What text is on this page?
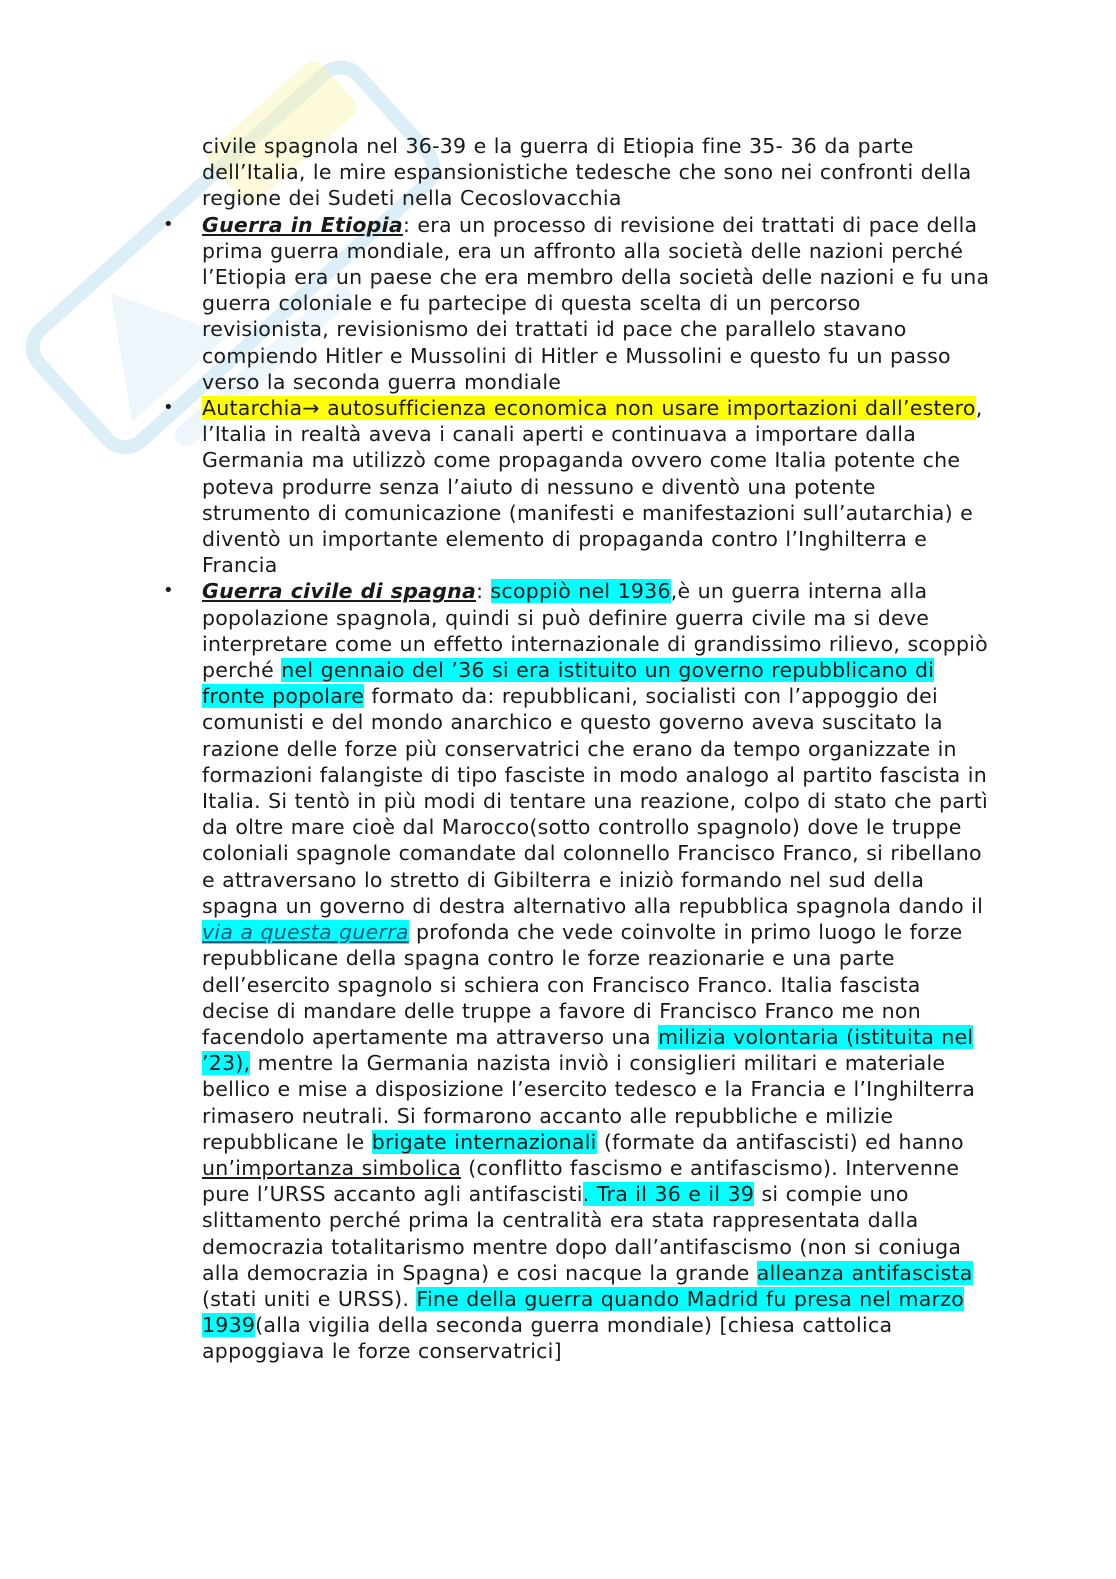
civile spagnola nel 36-39 e la guerra di Etiopia fine 35- 36 da parte dell’Italia, le mire espansionistiche tedesche che sono nei confronti della regione dei Sudeti nella Cecoslovacchia
• Guerra in Etiopia: era un processo di revisione dei trattati di pace della prima guerra mondiale, era un affronto alla società delle nazioni perché l’Etiopia era un paese che era membro della società delle nazioni e fu una guerra coloniale e fu partecipe di questa scelta di un percorso revisionista, revisionismo dei trattati id pace che parallelo stavano compiendo Hitler e Mussolini di Hitler e Mussolini e questo fu un passo verso la seconda guerra mondiale
• Autarchia→ autosufficienza economica non usare importazioni dall’estero, l’Italia in realtà aveva i canali aperti e continuava a importare dalla Germania ma utilizzò come propaganda ovvero come Italia potente che poteva produrre senza l’aiuto di nessuno e diventò una potente strumento di comunicazione (manifesti e manifestazioni sull’autarchia) e diventò un importante elemento di propaganda contro l’Inghilterra e Francia
• Guerra civile di spagna: scoppiò nel 1936,è un guerra interna alla popolazione spagnola, quindi si può definire guerra civile ma si deve interpretare come un effetto internazionale di grandissimo rilievo, scoppiò perché nel gennaio del ’36 si era istituito un governo repubblicano di fronte popolare formato da: repubblicani, socialisti con l’appoggio dei comunisti e del mondo anarchico e questo governo aveva suscitato la razione delle forze più conservatrici che erano da tempo organizzate in formazioni falangiste di tipo fasciste in modo analogo al partito fascista in Italia. Si tentò in più modi di tentare una reazione, colpo di stato che partì da oltre mare cioè dal Marocco(sotto controllo spagnolo) dove le truppe coloniali spagnole comandate dal colonnello Francisco Franco, si ribellano e attraversano lo stretto di Gibilterra e iniziò formando nel sud della spagna un governo di destra alternativo alla repubblica spagnola dando il via a questa guerra profonda che vede coinvolte in primo luogo le forze repubblicane della spagna contro le forze reazionarie e una parte dell’esercito spagnolo si schiera con Francisco Franco. Italia fascista decise di mandare delle truppe a favore di Francisco Franco me non facendolo apertamente ma attraverso una milizia volontaria (istituita nel ’23), mentre la Germania nazista inviò i consiglieri militari e materiale bellico e mise a disposizione l’esercito tedesco e la Francia e l’Inghilterra rimasero neutrali. Si formarono accanto alle repubbliche e milizie repubblicane le brigate internazionali (formate da antifascisti) ed hanno un’importanza simbolica (conflitto fascismo e antifascismo). Intervenne pure l’URSS accanto agli antifascisti. Tra il 36 e il 39 si compie uno slittamento perché prima la centralità era stata rappresentata dalla democrazia totalitarismo mentre dopo dall’antifascismo (non si coniuga alla democrazia in Spagna) e cosi nacque la grande alleanza antifascista (stati uniti e URSS). Fine della guerra quando Madrid fu presa nel marzo 1939(alla vigilia della seconda guerra mondiale) [chiesa cattolica appoggiava le forze conservatrici]
